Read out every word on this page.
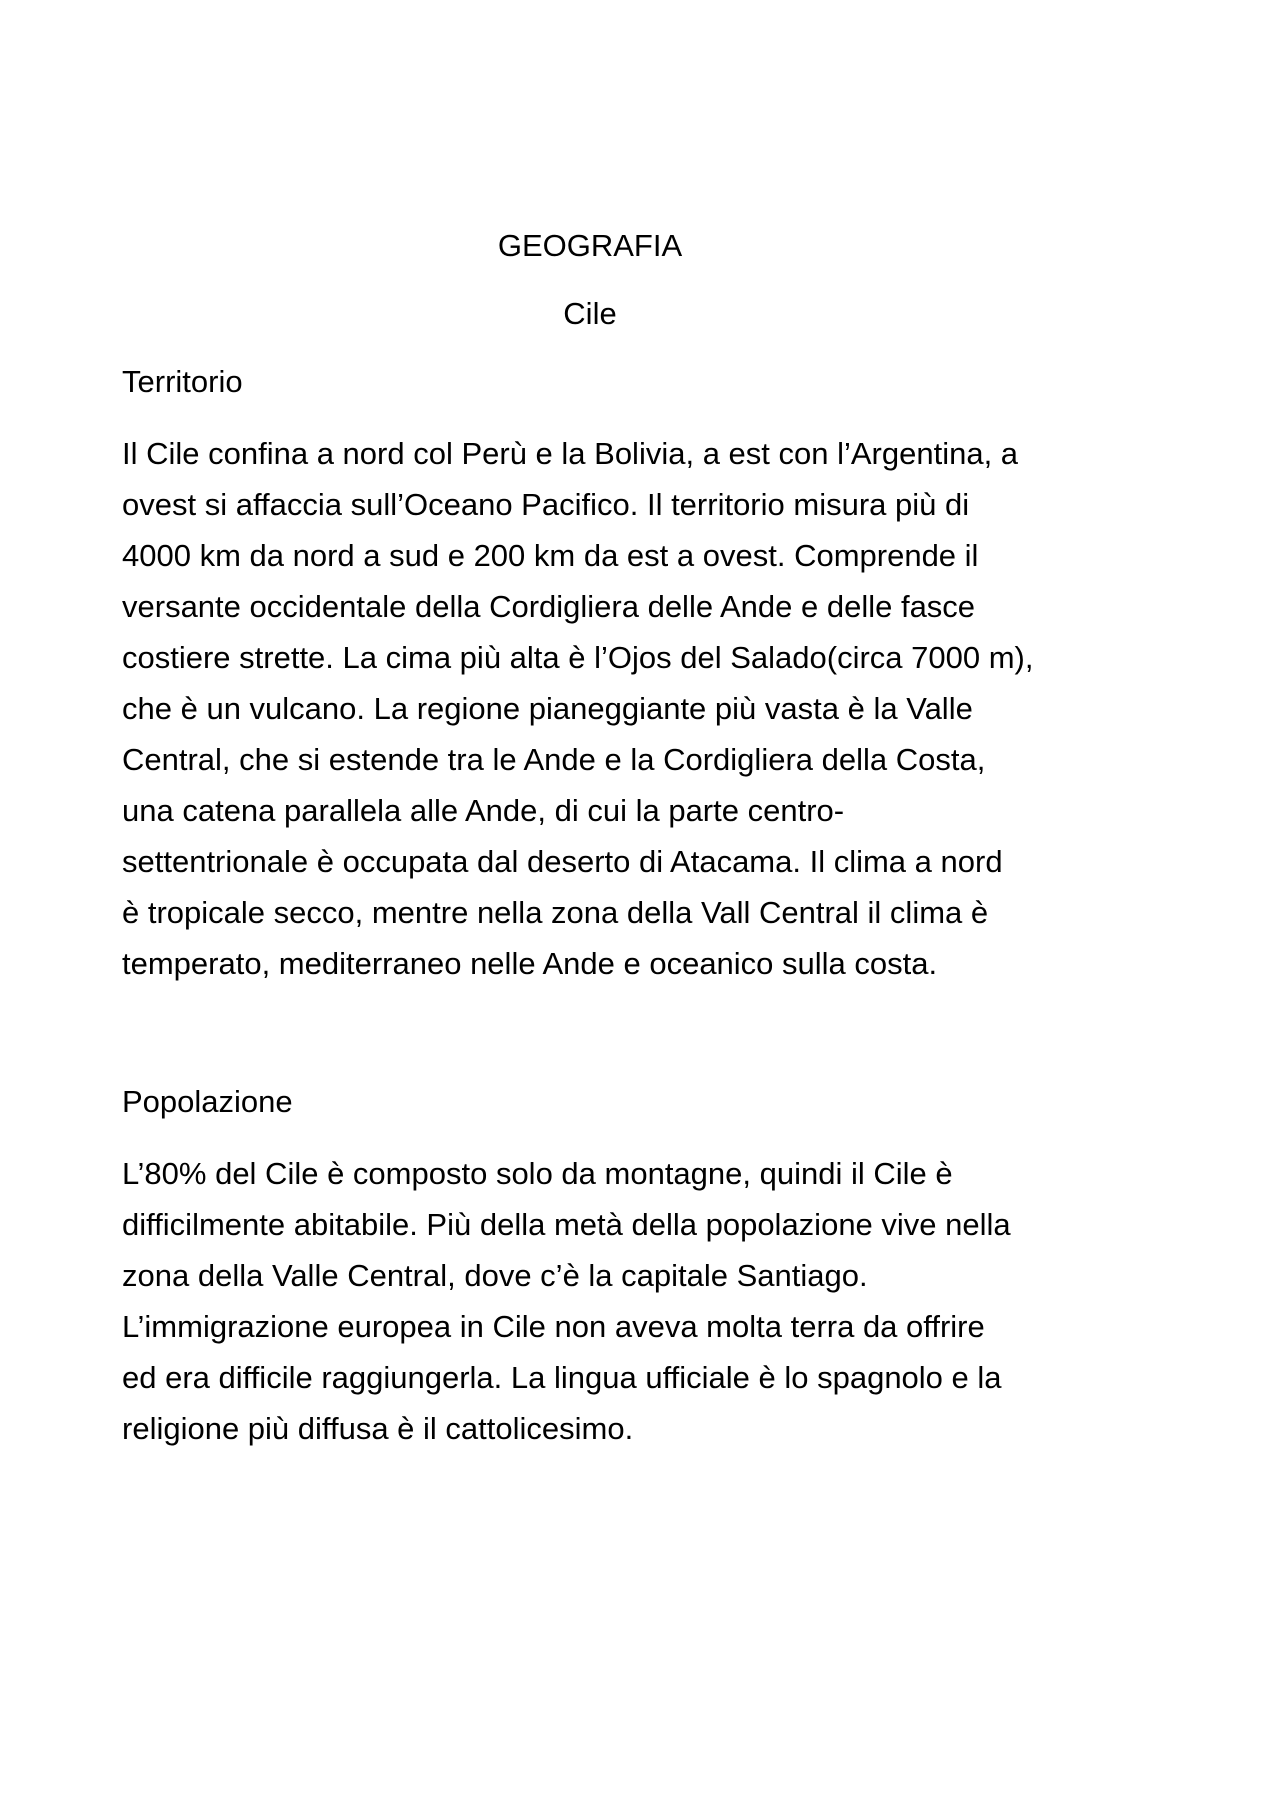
GEOGRAFIA
Cile
Territorio

Il Cile confina a nord col Perù e la Bolivia, a est con l’Argentina, a
ovest si affaccia sull’Oceano Pacifico. Il territorio misura più di
4000 km da nord a sud e 200 km da est a ovest. Comprende il
versante occidentale della Cordigliera delle Ande e delle fasce
costiere strette. La cima più alta è l’Ojos del Salado(circa 7000 m),
che è un vulcano. La regione pianeggiante più vasta è la Valle
Central, che si estende tra le Ande e la Cordigliera della Costa,
una catena parallela alle Ande, di cui la parte centro-
settentrionale è occupata dal deserto di Atacama. Il clima a nord
è tropicale secco, mentre nella zona della Vall Central il clima è
temperato, mediterraneo nelle Ande e oceanico sulla costa.

Popolazione

L’80% del Cile è composto solo da montagne, quindi il Cile è
difficilmente abitabile. Più della metà della popolazione vive nella
zona della Valle Central, dove c’è la capitale Santiago.
L’immigrazione europea in Cile non aveva molta terra da offrire
ed era difficile raggiungerla. La lingua ufficiale è lo spagnolo e la
religione più diffusa è il cattolicesimo.
